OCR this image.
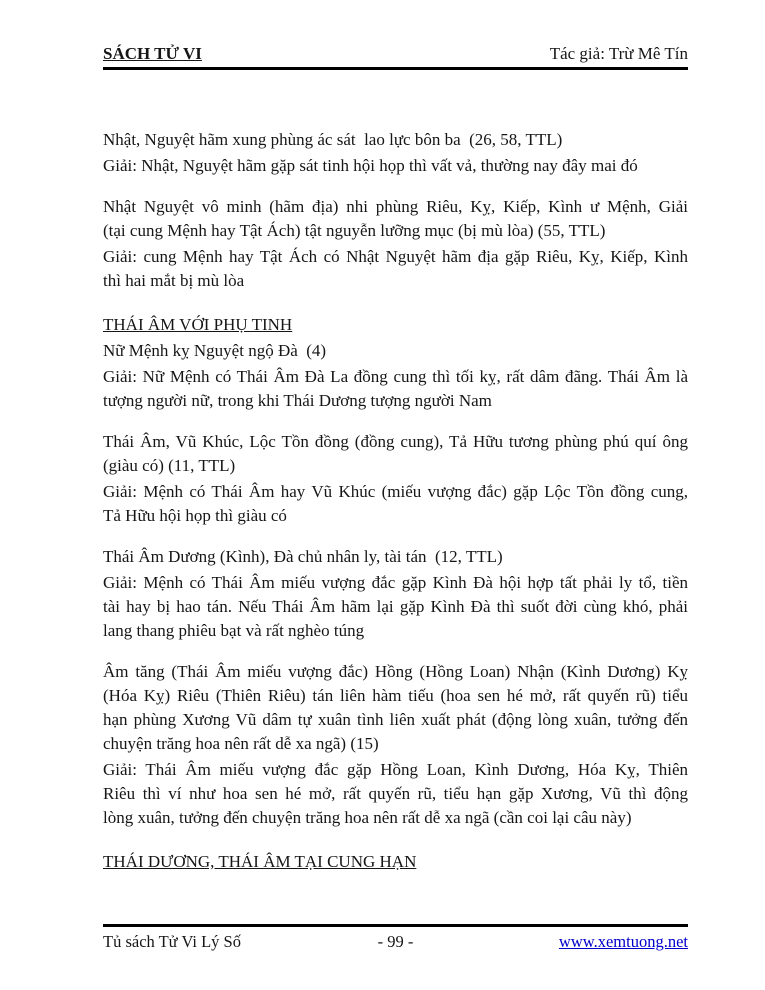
SÁCH TỬ VI	Tác giả: Trừ Mê Tín
Nhật, Nguyệt hãm xung phùng ác sát  lao lực bôn ba  (26, 58, TTL)
Giải: Nhật, Nguyệt hãm gặp sát tinh hội họp thì vất vả, thường nay đây mai đó
Nhật Nguyệt vô minh (hãm địa) nhi phùng Riêu, Kỵ, Kiếp, Kình ư Mệnh, Giải
(tại cung Mệnh hay Tật Ách) tật nguyễn lưỡng mục (bị mù lòa) (55, TTL)
Giải: cung Mệnh hay Tật Ách có Nhật Nguyệt hãm địa gặp Riêu, Kỵ, Kiếp, Kình
thì hai mắt bị mù lòa
THÁI ÂM VỚI PHỤ TINH
Nữ Mệnh kỵ Nguyệt ngộ Đà  (4)
Giải: Nữ Mệnh có Thái Âm Đà La đồng cung thì tối kỵ, rất dâm đãng. Thái Âm là
tượng người nữ, trong khi Thái Dương tượng người Nam
Thái Âm, Vũ Khúc, Lộc Tồn đồng (đồng cung), Tả Hữu tương phùng phú quí ông
(giàu có) (11, TTL)
Giải: Mệnh có Thái Âm hay Vũ Khúc (miếu vượng đắc) gặp Lộc Tồn đồng cung,
Tả Hữu hội họp thì giàu có
Thái Âm Dương (Kình), Đà chủ nhân ly, tài tán  (12, TTL)
Giải: Mệnh có Thái Âm miếu vượng đắc gặp Kình Đà hội hợp tất phải ly tổ, tiền
tài hay bị hao tán. Nếu Thái Âm hãm lại gặp Kình Đà thì suốt đời cùng khó, phải
lang thang phiêu bạt và rất nghèo túng
Âm tăng (Thái Âm miếu vượng đắc) Hồng (Hồng Loan) Nhận (Kình Dương) Kỵ
(Hóa Kỵ) Riêu (Thiên Riêu) tán liên hàm tiếu (hoa sen hé mở, rất quyến rũ) tiểu
hạn phùng Xương Vũ dâm tự xuân tình liên xuất phát (động lòng xuân, tưởng đến
chuyện trăng hoa nên rất dễ xa ngã) (15)
Giải: Thái Âm miếu vượng đắc gặp Hồng Loan, Kình Dương, Hóa Kỵ, Thiên
Riêu thì ví như hoa sen hé mở, rất quyến rũ, tiểu hạn gặp Xương, Vũ thì động
lòng xuân, tưởng đến chuyện trăng hoa nên rất dễ xa ngã (cần coi lại câu này)
THÁI DƯƠNG, THÁI ÂM TẠI CUNG HẠN
Tủ sách Tử Vi Lý Số	- 99 -	www.xemtuong.net
